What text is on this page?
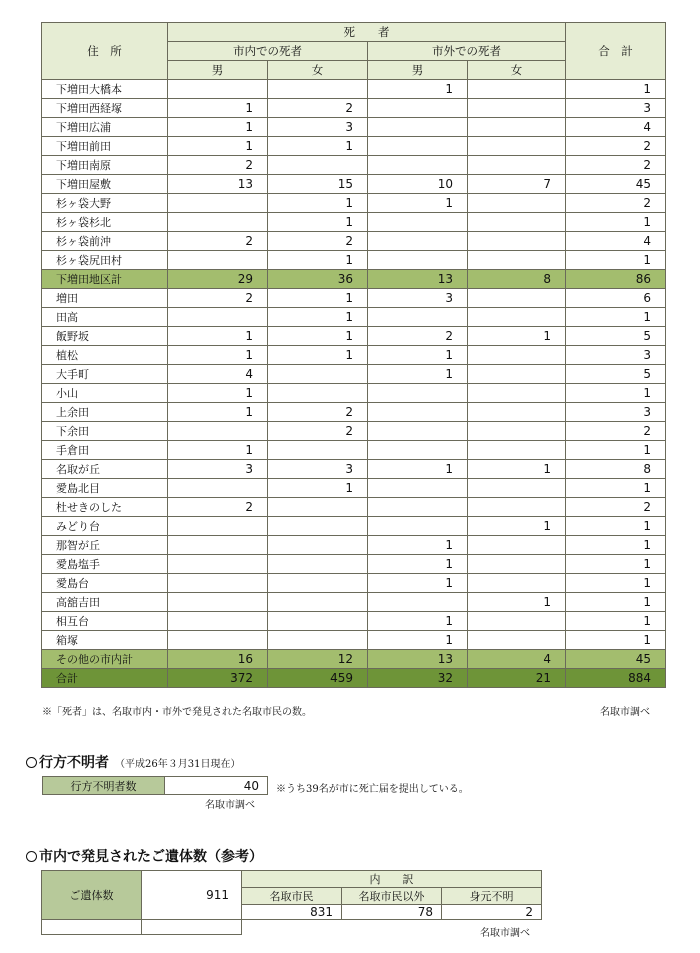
住　所	死　　者				合　計
	市内での死者		市外での死者		
	男	女	男	女	
下増田大橋本			1		1
下増田西経塚	1	2			3
下増田広浦	1	3			4
下増田前田	1	1			2
下増田南原	2				2
下増田屋敷	13	15	10	7	45
杉ヶ袋大野		1	1		2
杉ヶ袋杉北		1			1
杉ヶ袋前沖	2	2			4
杉ヶ袋尻田村		1			1
下増田地区計	29	36	13	8	86
増田	2	1	3		6
田高		1			1
飯野坂	1	1	2	1	5
植松	1	1	1		3
大手町	4		1		5
小山	1				1
上余田	1	2			3
下余田		2			2
手倉田	1				1
名取が丘	3	3	1	1	8
愛島北目		1			1
杜せきのした	2				2
みどり台				1	1
那智が丘			1		1
愛島塩手			1		1
愛島台			1		1
高舘吉田				1	1
相互台			1		1
箱塚			1		1
その他の市内計	16	12	13	4	45
合計	372	459	32	21	884
※「死者」は、名取市内・市外で発見された名取市民の数。	名取市調べ
行方不明者 （平成26年３月31日現在）
行方不明者数	40 ※うち39名が市に死亡届を提出している。
名取市調べ
市内で発見されたご遺体数（参考）
ご遺体数	911	内　　訳		
		名取市民	名取市民以外	身元不明
		831	78	2

名取市調べ
